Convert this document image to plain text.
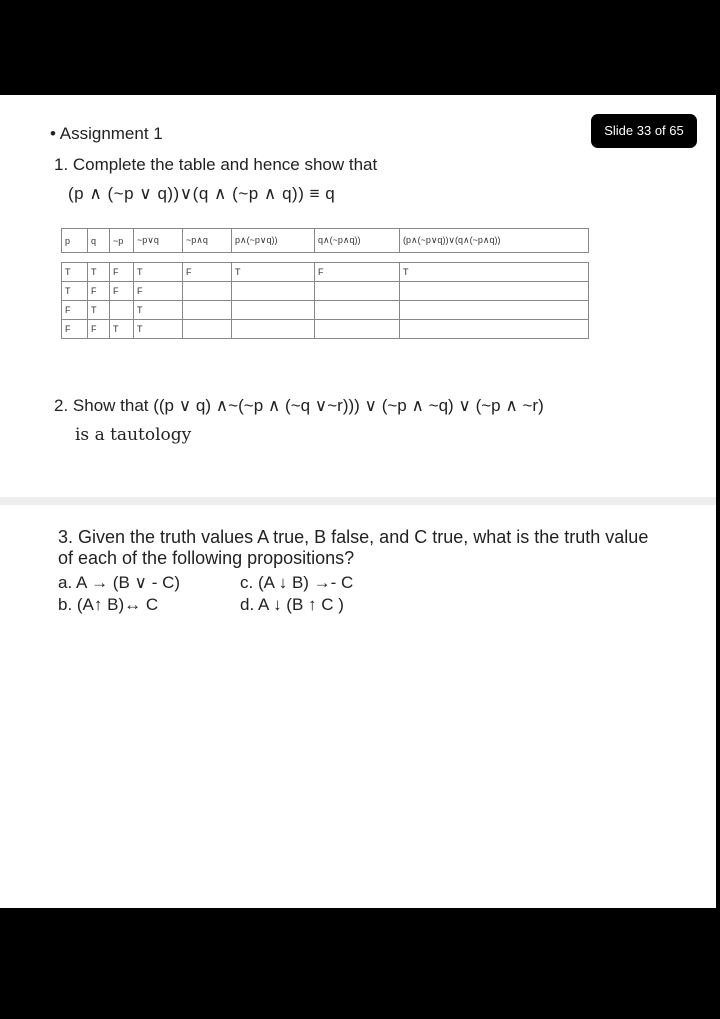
Slide 33 of 65
• Assignment 1
1. Complete the table and hence show that
(p ∧ (~p ∨ q))∨(q ∧ (~p ∧ q)) ≡ q
p	q	~p	~p∨q	~p∧q	p∧(~p∨q))	q∧(~p∧q))	(p∧(~p∨q))∨(q∧(~p∧q))

T	T	F	T	F	T	F	T
T	F	F	F				
F	T		T				
F	F	T	T				
2. Show that ((p ∨ q) ∧~(~p ∧ (~q ∨~r))) ∨ (~p ∧ ~q) ∨ (~p ∧ ~r)
is a tautology
3. Given the truth values A true, B false, and C true, what is the truth value of each of the following propositions?
a. A → (B ∨ - C)
b. (A↑ B)↔ C
c. (A ↓ B) →- C
d. A ↓ (B ↑ C )
